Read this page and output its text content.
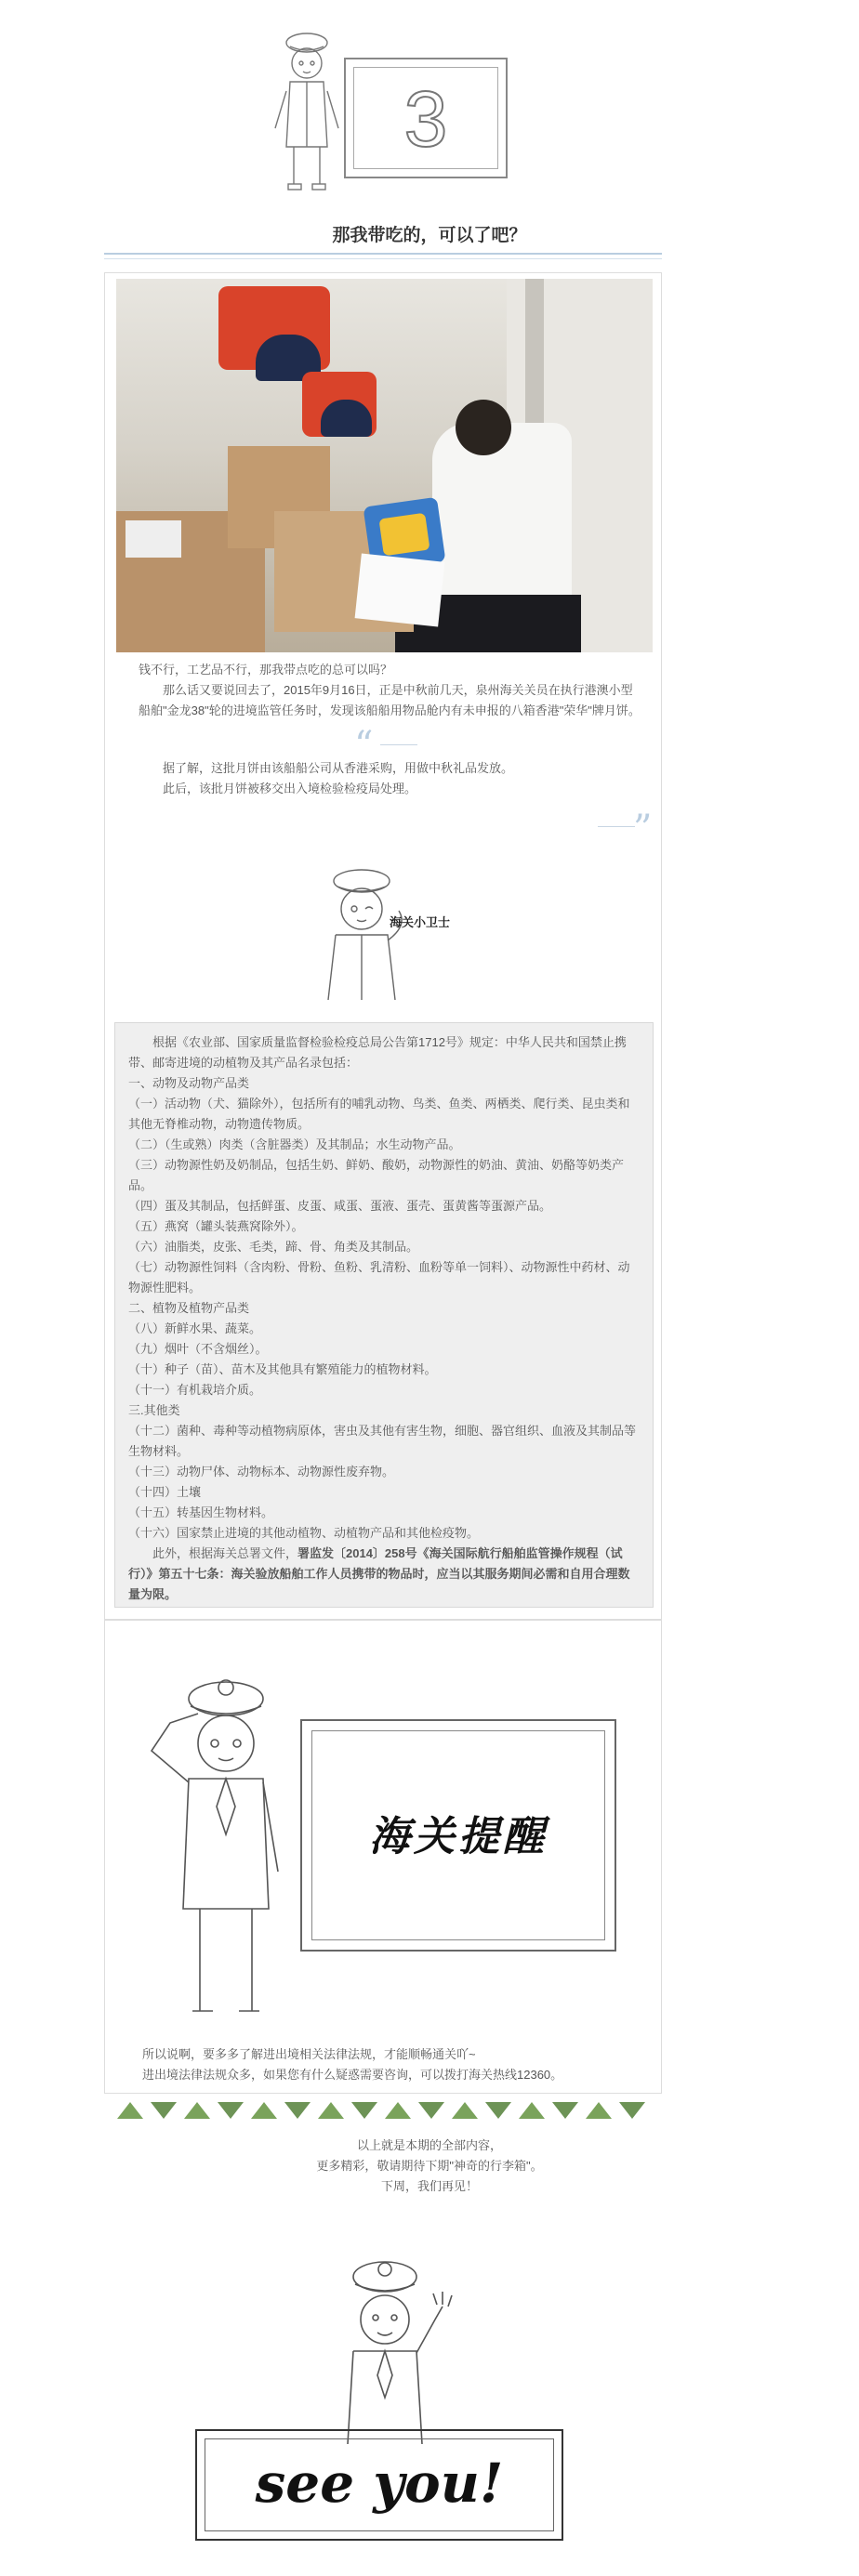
3
那我带吃的，可以了吧？
钱不行，工艺品不行，那我带点吃的总可以吗？
那么话又要说回去了，2015年9月16日，正是中秋前几天，泉州海关关员在执行港澳小型
船舶"金龙38"轮的进境监管任务时，发现该船船用物品舱内有未申报的八箱香港"荣华"牌月饼。
“
据了解，这批月饼由该船船公司从香港采购，用做中秋礼品发放。
此后，该批月饼被移交出入境检验检疫局处理。
”
海关小卫士

根据《农业部、国家质量监督检验检疫总局公告第1712号》规定：中华人民共和国禁止携带、邮寄进境的动植物及其产品名录包括：

一、动物及动物产品类

（一）活动物（犬、猫除外），包括所有的哺乳动物、鸟类、鱼类、两栖类、爬行类、昆虫类和其他无脊椎动物，动物遗传物质。

（二）（生或熟）肉类（含脏器类）及其制品；水生动物产品。

（三）动物源性奶及奶制品，包括生奶、鲜奶、酸奶，动物源性的奶油、黄油、奶酪等奶类产品。

（四）蛋及其制品，包括鲜蛋、皮蛋、咸蛋、蛋液、蛋壳、蛋黄酱等蛋源产品。

（五）燕窝（罐头装燕窝除外）。

（六）油脂类，皮张、毛类，蹄、骨、角类及其制品。

（七）动物源性饲料（含肉粉、骨粉、鱼粉、乳清粉、血粉等单一饲料）、动物源性中药材、动物源性肥料。

二、植物及植物产品类

（八）新鲜水果、蔬菜。

（九）烟叶（不含烟丝）。

（十）种子（苗）、苗木及其他具有繁殖能力的植物材料。

（十一）有机栽培介质。

三.其他类

（十二）菌种、毒种等动植物病原体，害虫及其他有害生物，细胞、器官组织、血液及其制品等生物材料。

（十三）动物尸体、动物标本、动物源性废弃物。

（十四）土壤

（十五）转基因生物材料。

（十六）国家禁止进境的其他动植物、动植物产品和其他检疫物。

此外，根据海关总署文件，署监发〔2014〕258号《海关国际航行船舶监管操作规程（试行）》第五十七条：海关验放船舶工作人员携带的物品时，应当以其服务期间必需和自用合理数量为限。

海关提醒
所以说啊，要多多了解进出境相关法律法规，才能顺畅通关吖~
进出境法律法规众多，如果您有什么疑惑需要咨询，可以拨打海关热线12360。
以上就是本期的全部内容，
更多精彩，敬请期待下期"神奇的行李箱"。
下周，我们再见！
see you!
